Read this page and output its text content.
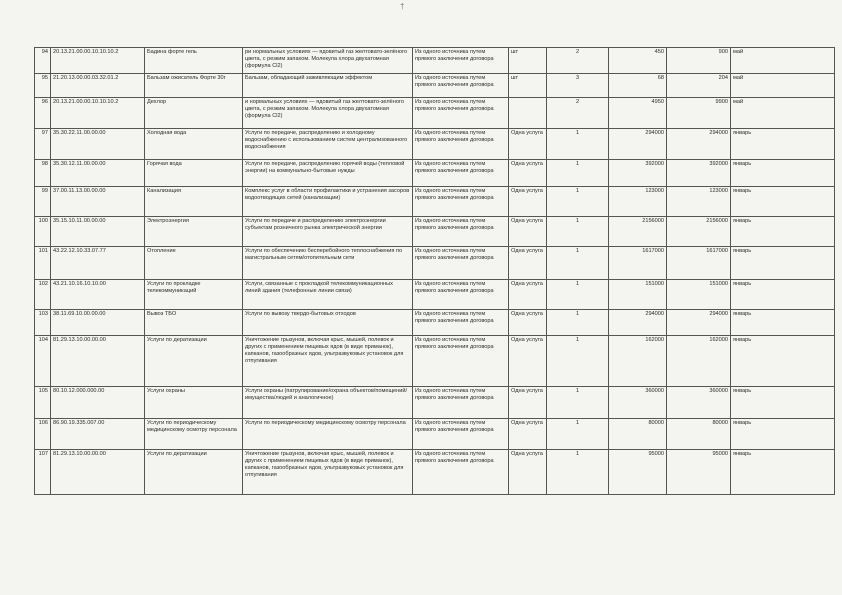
†
94	20.13.21.00.00.10.10.10.2	Бадина форте гель	ри нормальных условиях — ядовитый газ желтовато-зелёного цвета, с резким запахом. Молекула хлора двухатомная (формула Cl2)	Из одного источника путем прямого заключения договора	шт	2	450	900	май
95	21.20.13.00.00.03.32.01.2	Бальзам ожисатель Форте 30г	Бальзам, обладающий заживляющим эффектом	Из одного источника путем прямого заключения договора	шт	3	68	204	май
96	20.13.21.00.00.10.10.10.2	Дехлор	и нормальных условиях — ядовитый газ желтовато-зелёного цвета, с резким запахом. Молекула хлора двухатомная (формула Cl2)	Из одного источника путем прямого заключения договора		2	4950	9900	май
97	35.30.22.11.00.00.00	Холодная вода	Услуги по передаче, распределению и холодному водоснабжению с использованием систем централизованного водоснабжения	Из одного источника путем прямого заключения договора	Одна услуга	1	294000	294000	январь
98	35.30.12.11.00.00.00	Горячая вода	Услуги по передаче, распределению горячей воды (тепловой энергии) на коммунально-бытовые нужды	Из одного источника путем прямого заключения договора	Одна услуга	1	392000	392000	январь
99	37.00.11.13.00.00.00	Канализация	Комплекс услуг в области профилактики и устранения засоров водоотводящих сетей (канализации)	Из одного источника путем прямого заключения договора	Одна услуга	1	123000	123000	январь
100	35.15.10.11.00.00.00	Электроэнергия	Услуги по передаче и распределению электроэнергии субъектам розничного рынка электрической энергии	Из одного источника путем прямого заключения договора	Одна услуга	1	2156000	2156000	январь
101	43.22.12.10.33.07.77	Отопление	Услуги по обеспечению бесперебойного теплоснабжения по магистральным сетям/отопительным сети	Из одного источника путем прямого заключения договора	Одна услуга	1	1617000	1617000	январь
102	43.21.10.16.10.10.00	Услуги по прокладке телекоммуникаций	Услуги, связанные с прокладкой телекоммуникационных линий здания (телефонные линии связи)	Из одного источника путем прямого заключения договора	Одна услуга	1	151000	151000	январь
103	38.11.69.10.00.00.00	Вывоз ТБО	Услуги по вывозу твердо-бытовых отходов	Из одного источника путем прямого заключения договора	Одна услуга	1	294000	294000	январь
104	81.29.13.10.00.00.00	Услуги по дератизации	Уничтожение грызунов, включая крыс, мышей, полевок и других с применением пищевых ядов (в виде приманок), капканов, газообразных ядов, ультразвуковых установок для отпугивания	Из одного источника путем прямого заключения договора	Одна услуга	1	162000	162000	январь
105	80.10.12.000.000.00	Услуги охраны	Услуги охраны (патрулирование/охрана объектов/помещений/имущества/людей и аналогичное)	Из одного источника путем прямого заключения договора	Одна услуга	1	360000	360000	январь
106	86.90.19.335.007.00	Услуги по периодическому медицинскому осмотру персонала	Услуги по периодическому медицинскому осмотру персонала	Из одного источника путем прямого заключения договора	Одна услуга	1	80000	80000	январь
107	81.29.13.10.00.00.00	Услуги по дератизации	Уничтожение грызунов, включая крыс, мышей, полевок и других с применением пищевых ядов (в виде приманок), капканов, газообразных ядов, ультразвуковых установок для отпугивания	Из одного источника путем прямого заключения договора	Одна услуга	1	95000	95000	январь
